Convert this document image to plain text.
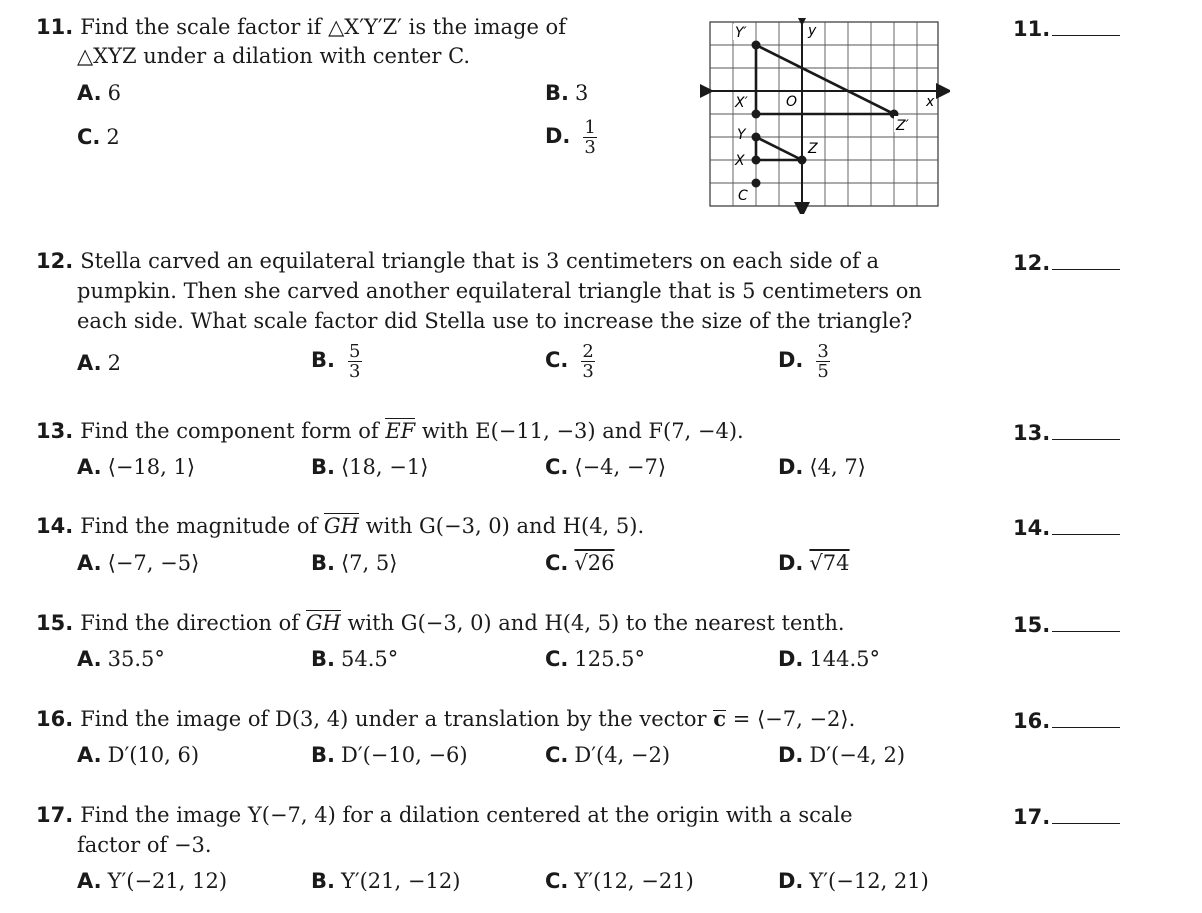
11. Find the scale factor if △X′Y′Z′ is the image of
△XYZ under a dilation with center C.
A. 6	B. 3
C. 2	D. $\frac{1}{3}$
11.
Y′	y
X′	O	x
Z′
Y
X
Z
C
12. Stella carved an equilateral triangle that is 3 centimeters on each side of a
pumpkin. Then she carved another equilateral triangle that is 5 centimeters on
each side. What scale factor did Stella use to increase the size of the triangle?
A. 2	B. $\frac{5}{3}$	C. $\frac{2}{3}$	D. $\frac{3}{5}$
12.
13. Find the component form of
EF with E(−11, −3) and F(7, −4).
A. ⟨−18, 1⟩	B. ⟨18, −1⟩	C. ⟨−4, −7⟩	D. ⟨4, 7⟩
13.
14. Find the magnitude of
GH with G(−3, 0) and H(4, 5).
A. ⟨−7, −5⟩	B. ⟨7, 5⟩	C. √26	D. √74
14.
15. Find the direction of
GH with G(−3, 0) and H(4, 5) to the nearest tenth.
A. 35.5°	B. 54.5°	C. 125.5°	D. 144.5°
15.
16. Find the image of D(3, 4) under a translation by the vector
c = ⟨−7, −2⟩.
A. D′(10, 6)	B. D′(−10, −6)	C. D′(4, −2)	D. D′(−4, 2)
16.
17. Find the image Y(−7, 4) for a dilation centered at the origin with a scale
factor of −3.
A. Y′(−21, 12)	B. Y′(21, −12)	C. Y′(12, −21)	D. Y′(−12, 21)
17.
